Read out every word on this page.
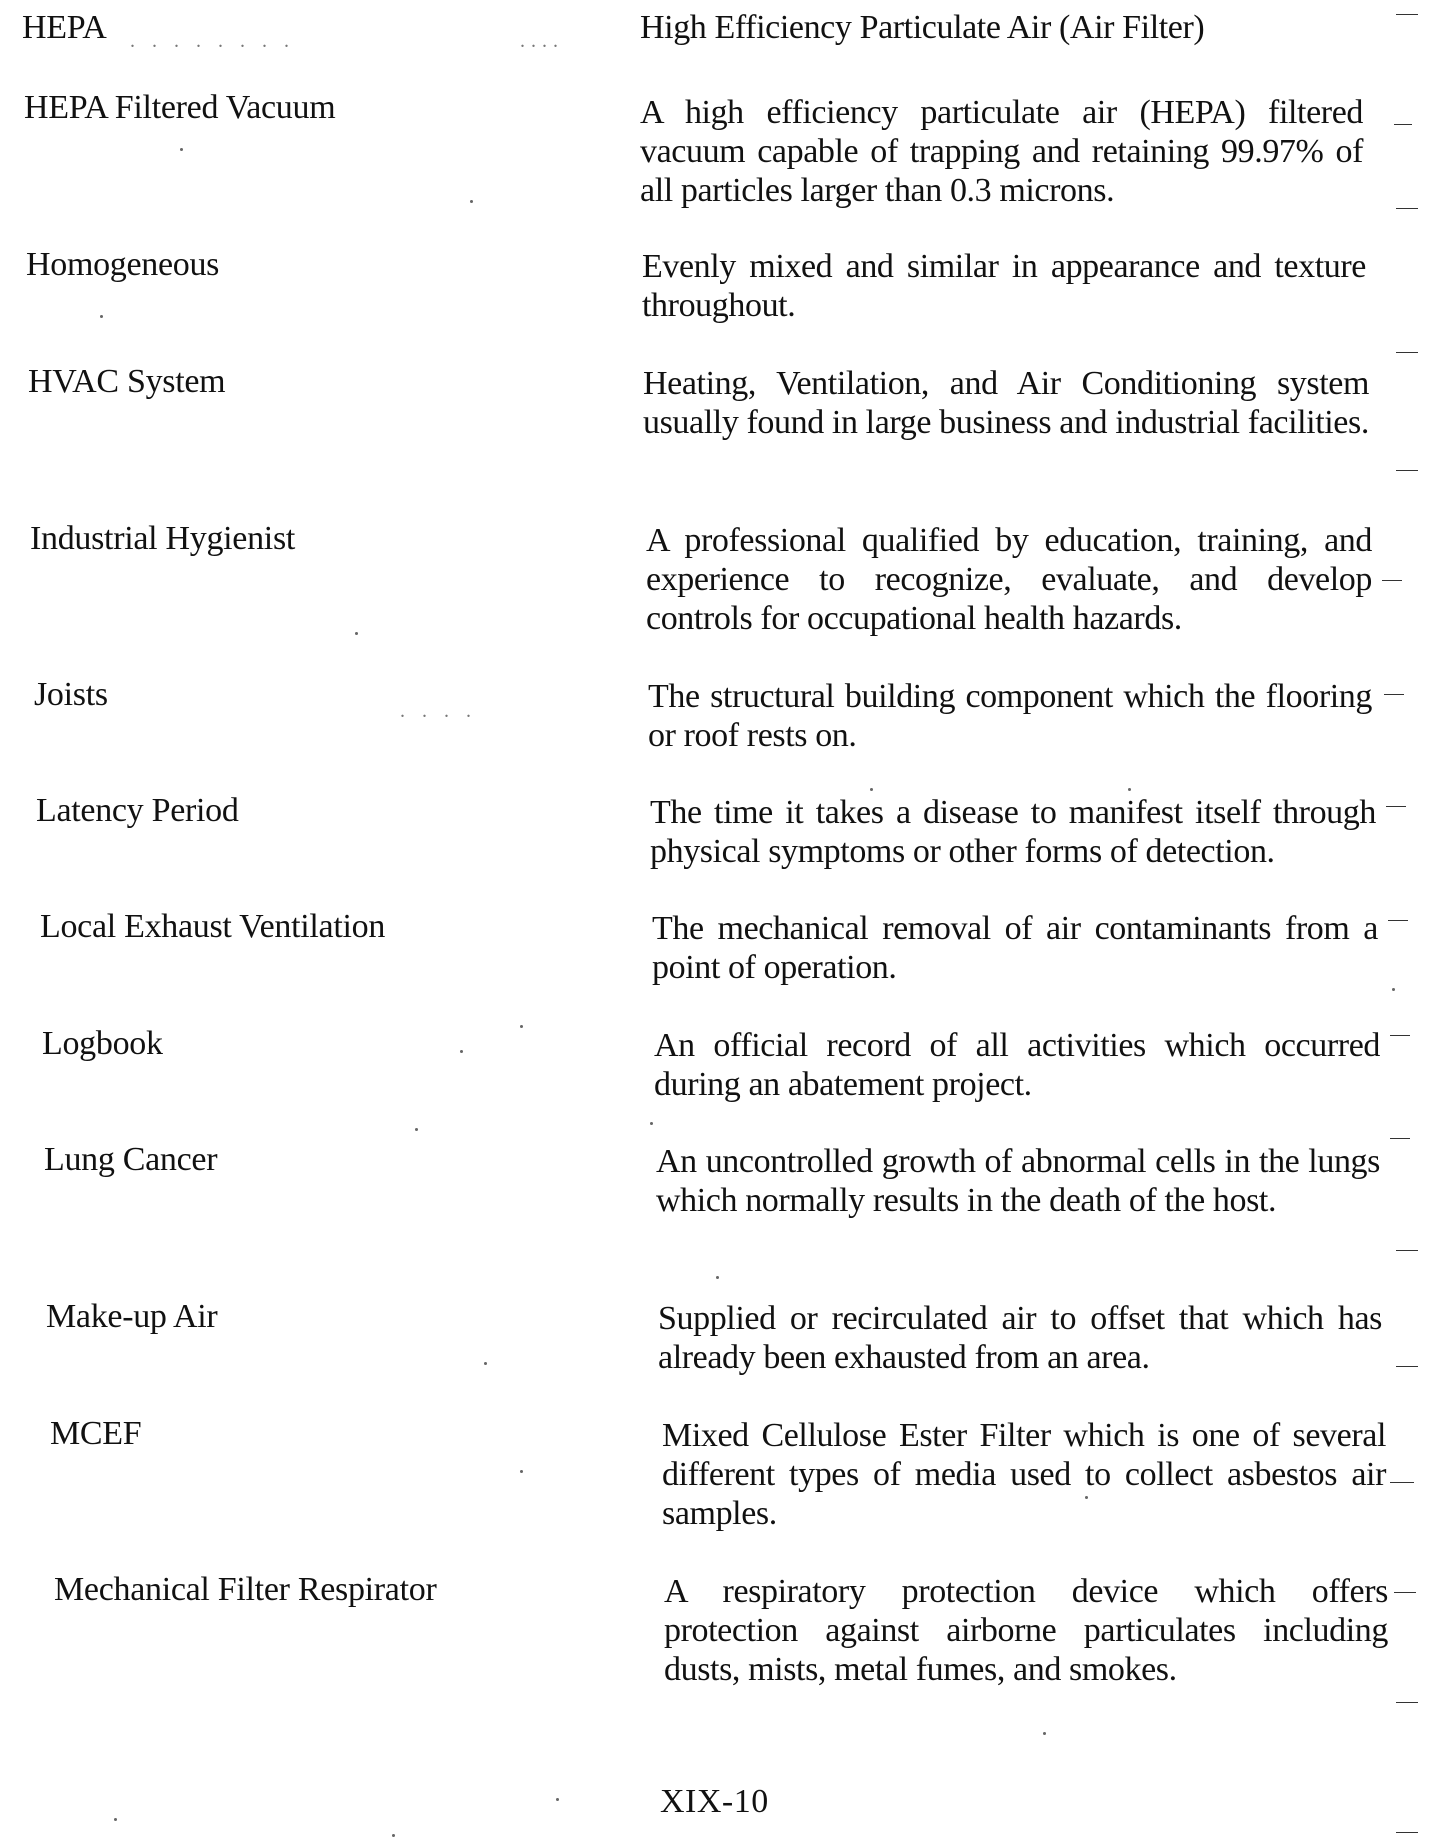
HEPA	High Efficiency Particulate Air (Air Filter)
HEPA Filtered Vacuum	A high efficiency particulate air (HEPA) filtered vacuum capable of trapping and retaining 99.97% of all particles larger than 0.3 microns.
Homogeneous	Evenly mixed and similar in appearance and texture throughout.
HVAC System	Heating, Ventilation, and Air Conditioning system usually found in large business and industrial facilities.
Industrial Hygienist	A professional qualified by education, training, and experience to recognize, evaluate, and develop controls for occupational health hazards.
Joists	The structural building component which the flooring or roof rests on.
Latency Period	The time it takes a disease to manifest itself through physical symptoms or other forms of detection.
Local Exhaust Ventilation	The mechanical removal of air contaminants from a point of operation.
Logbook	An official record of all activities which occurred during an abatement project.
Lung Cancer	An uncontrolled growth of abnormal cells in the lungs which normally results in the death of the host.
Make-up Air	Supplied or recirculated air to offset that which has already been exhausted from an area.
MCEF	Mixed Cellulose Ester Filter which is one of several different types of media used to collect asbestos air samples.
Mechanical Filter Respirator	A respiratory protection device which offers protection against airborne particulates including dusts, mists, metal fumes, and smokes.
XIX-10
. . . . . . . .	....
. . . .
